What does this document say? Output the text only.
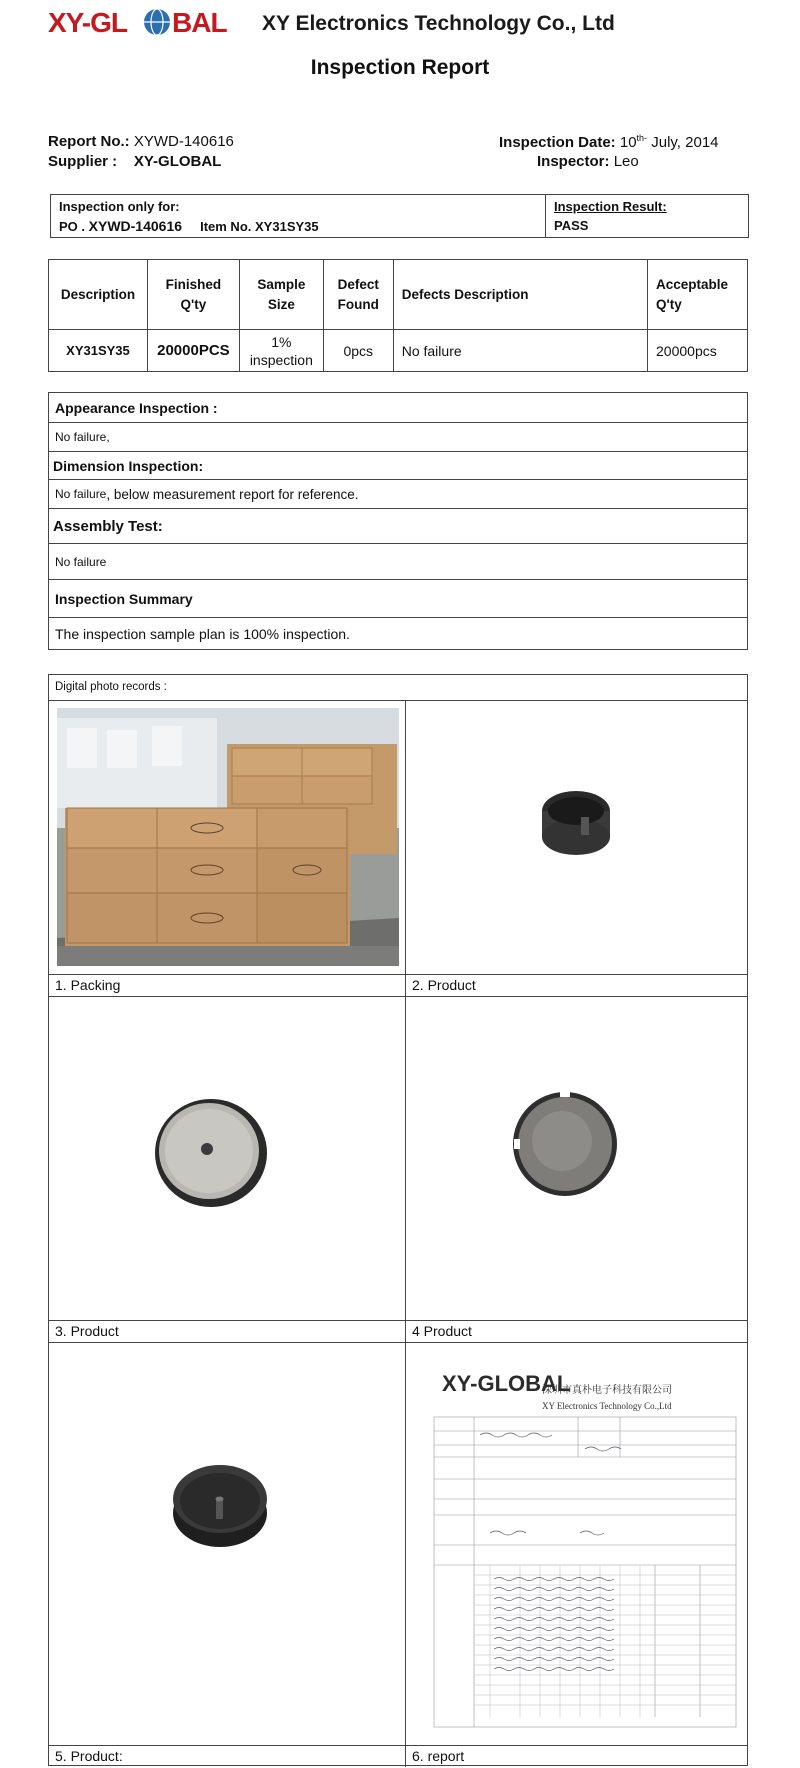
XY-GL BAL XY Electronics Technology Co., Ltd
Inspection Report
Report No.: XYWD-140616
Supplier : XY-GLOBAL
Inspection Date: $10^{th-}$ July, 2014
Inspector: Leo
Inspection only for:
PO . XYWD-140616 Item No. XY31SY35
Inspection Result:
PASS
Description	Finished Q'ty	Sample Size	Defect Found	Defects Description	Acceptable Q'ty
XY31SY35	20000PCS	1% inspection	0pcs	No failure	20000pcs
Appearance Inspection :
No failure,
Dimension Inspection:
No failure , below measurement report for reference.
Assembly Test:
No failure
Inspection Summary
The inspection sample plan is 100% inspection.
Digital photo records :
1. Packing	2. Product
3. Product	4 Product
5. Product:
XY-GLOBAL
深圳市真朴电子科技有限公司
XY Electronics Technology Co.,Ltd
6. report
